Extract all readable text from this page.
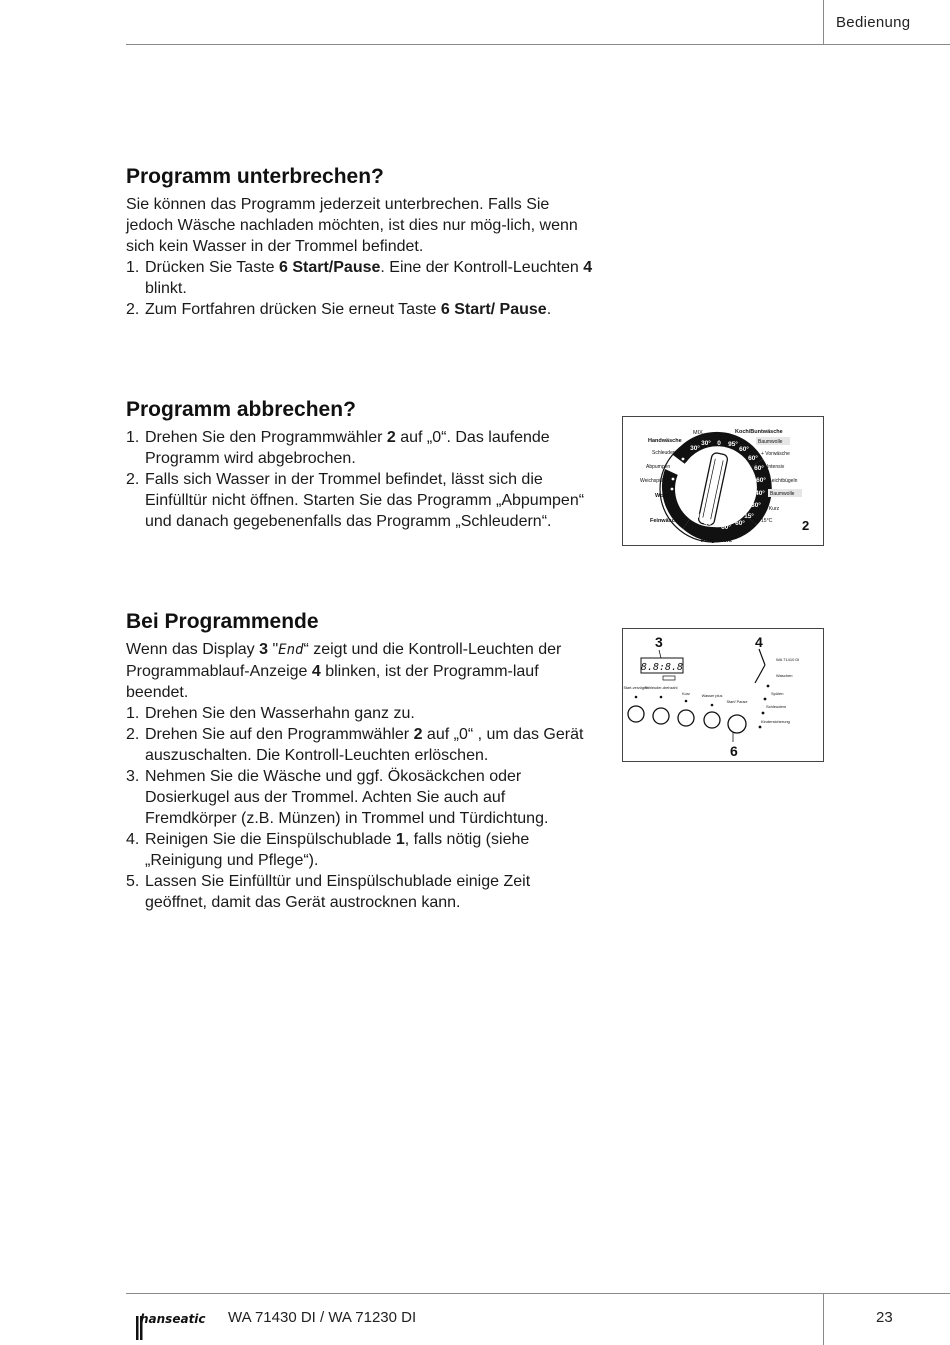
Bedienung
Programm unterbrechen?

Sie können das Programm jederzeit unterbrechen. Falls Sie jedoch Wäsche nachladen möchten, ist dies nur mög-lich, wenn sich kein Wasser in der Trommel befindet.

1. Drücken Sie Taste 6 Start/Pause. Eine der Kontroll-Leuchten 4 blinkt.
2. Zum Fortfahren drücken Sie erneut Taste 6 Start/ Pause.
Programm abbrechen?
1. Drehen Sie den Programmwähler 2 auf „0“. Das laufende Programm wird abgebrochen.
2. Falls sich Wasser in der Trommel befindet, lässt sich die Einfülltür nicht öffnen. Starten Sie das Programm „Abpumpen“ und danach gegebenenfalls das Programm „Schleudern“.
Bei Programmende

Wenn das Display 3 "End“ zeigt und die Kontroll-Leuchten der Programmablauf-Anzeige 4 blinken, ist der Programm-lauf beendet.

1. Drehen Sie den Wasserhahn ganz zu.
2. Drehen Sie auf den Programmwähler 2 auf „0“ , um das Gerät auszuschalten. Die Kontroll-Leuchten erlöschen.
3. Nehmen Sie die Wäsche und ggf. Ökosäckchen oder Dosierkugel aus der Trommel. Achten Sie auch auf Fremdkörper (z.B. Münzen) in Trommel und Türdichtung.
4. Reinigen Sie die Einspülschublade 1, falls nötig (siehe „Reinigung und Pflege“).
5. Lassen Sie Einfülltür und Einspülschublade einige Zeit geöffnet, damit das Gerät austrocknen kann.
0 95°
60°
60°
60°
60°
40°
30°
15°
60°
60°
40°
30°
30°
40°
30°
30°
MIX	Koch/Buntwäsche
Handwäsche
Schleudern
Abpumpen
Weichspülen
Wolle
Feinwäsche
Pflegeleicht
+ Vorwäsche
Baumwolle
+ Vorwäsche
Intensiv
Leichtbügeln
Baumwolle
17' Kurz
Eco 15°C 2
3	4
6
8.8:8.8
Start-verzögert
Schleuder-drehzahl
Kurz	Wasser plus
Start/ Pause
WA 71410 DI
Waschen
Spülen
Schleudern
Kindersicherung
hanseatic WA 71430 DI / WA 71230 DI	23
